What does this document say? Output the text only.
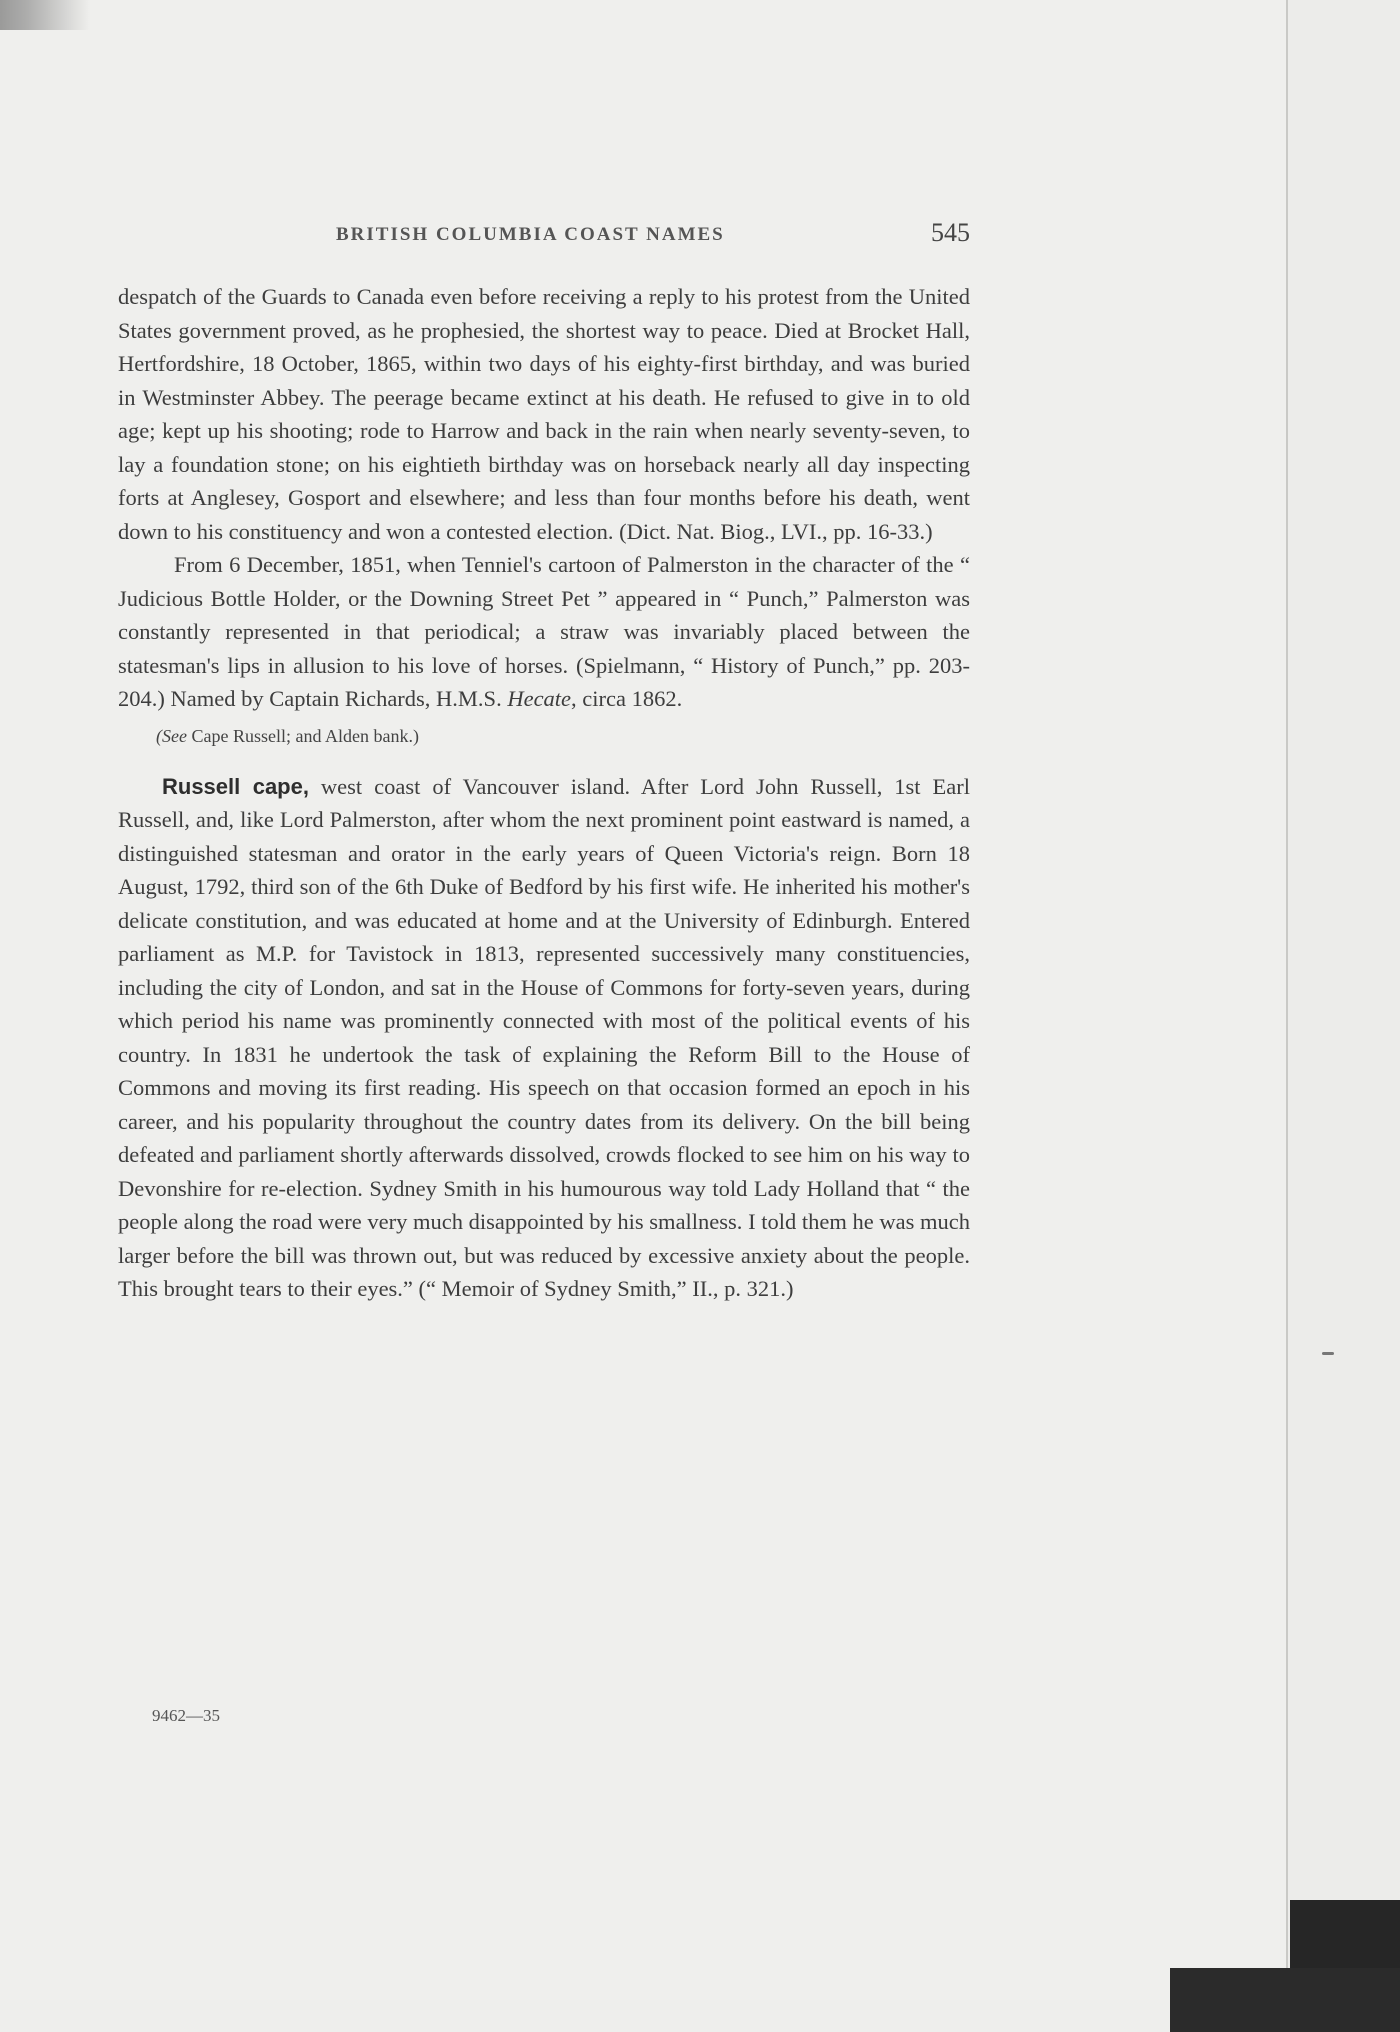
BRITISH COLUMBIA COAST NAMES	545

despatch of the Guards to Canada even before receiving a reply to his protest from the United States government proved, as he prophesied, the shortest way to peace. Died at Brocket Hall, Hertfordshire, 18 October, 1865, within two days of his eighty-first birthday, and was buried in Westminster Abbey. The peerage became extinct at his death. He refused to give in to old age; kept up his shooting; rode to Harrow and back in the rain when nearly seventy-seven, to lay a foundation stone; on his eightieth birthday was on horseback nearly all day inspecting forts at Anglesey, Gosport and elsewhere; and less than four months before his death, went down to his constituency and won a contested election. (Dict. Nat. Biog., LVI., pp. 16-33.)

From 6 December, 1851, when Tenniel's cartoon of Palmerston in the character of the “ Judicious Bottle Holder, or the Downing Street Pet ” appeared in “ Punch,” Palmerston was constantly represented in that periodical; a straw was invariably placed between the statesman's lips in allusion to his love of horses. (Spielmann, “ History of Punch,” pp. 203-204.) Named by Captain Richards, H.M.S. Hecate, circa 1862.

(See Cape Russell; and Alden bank.)

Russell cape, west coast of Vancouver island. After Lord John Russell, 1st Earl Russell, and, like Lord Palmerston, after whom the next prominent point eastward is named, a distinguished statesman and orator in the early years of Queen Victoria's reign. Born 18 August, 1792, third son of the 6th Duke of Bedford by his first wife. He inherited his mother's delicate constitution, and was educated at home and at the University of Edinburgh. Entered parliament as M.P. for Tavistock in 1813, represented successively many constituencies, including the city of London, and sat in the House of Commons for forty-seven years, during which period his name was prominently connected with most of the political events of his country. In 1831 he undertook the task of explaining the Reform Bill to the House of Commons and moving its first reading. His speech on that occasion formed an epoch in his career, and his popularity throughout the country dates from its delivery. On the bill being defeated and parliament shortly afterwards dissolved, crowds flocked to see him on his way to Devonshire for re-election. Sydney Smith in his humourous way told Lady Holland that “ the people along the road were very much disappointed by his smallness. I told them he was much larger before the bill was thrown out, but was reduced by excessive anxiety about the people. This brought tears to their eyes.” (“ Memoir of Sydney Smith,” II., p. 321.)

9462—35
